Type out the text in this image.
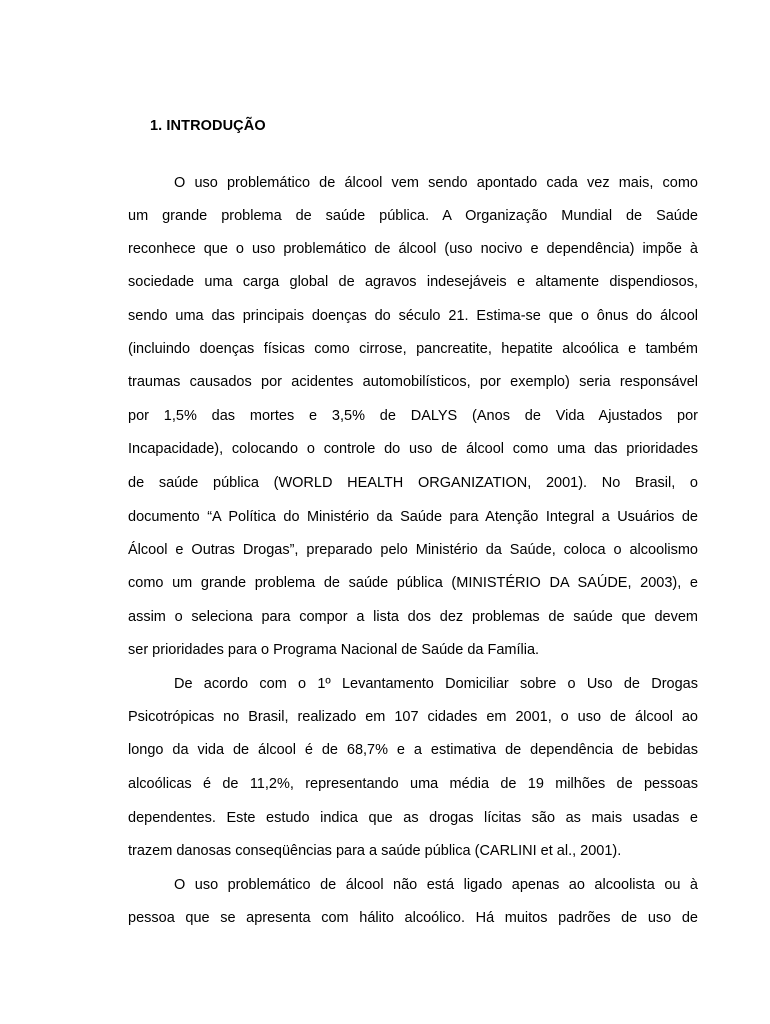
1. INTRODUÇÃO
O uso problemático de álcool vem sendo apontado cada vez mais, como
um grande problema de saúde pública. A Organização Mundial de Saúde
reconhece que o uso problemático de álcool (uso nocivo e dependência) impõe à
sociedade uma carga global de agravos indesejáveis e altamente dispendiosos,
sendo uma das principais doenças do século 21. Estima-se que o ônus do álcool
(incluindo doenças físicas como cirrose, pancreatite, hepatite alcoólica e também
traumas causados por acidentes automobilísticos, por exemplo) seria responsável
por 1,5% das mortes e 3,5% de DALYS (Anos de Vida Ajustados por
Incapacidade), colocando o controle do uso de álcool como uma das prioridades
de saúde pública (WORLD HEALTH ORGANIZATION, 2001). No Brasil, o
documento “A Política do Ministério da Saúde para Atenção Integral a Usuários de
Álcool e Outras Drogas”, preparado pelo Ministério da Saúde, coloca o alcoolismo
como um grande problema de saúde pública (MINISTÉRIO DA SAÚDE, 2003), e
assim o seleciona para compor a lista dos dez problemas de saúde que devem
ser prioridades para o Programa Nacional de Saúde da Família.
De acordo com o 1º Levantamento Domiciliar sobre o Uso de Drogas
Psicotrópicas no Brasil, realizado em 107 cidades em 2001, o uso de álcool ao
longo da vida de álcool é de 68,7% e a estimativa de dependência de bebidas
alcoólicas é de 11,2%, representando uma média de 19 milhões de pessoas
dependentes. Este estudo indica que as drogas lícitas são as mais usadas e
trazem danosas conseqüências para a saúde pública (CARLINI et al., 2001).
O uso problemático de álcool não está ligado apenas ao alcoolista ou à
pessoa que se apresenta com hálito alcoólico. Há muitos padrões de uso de
